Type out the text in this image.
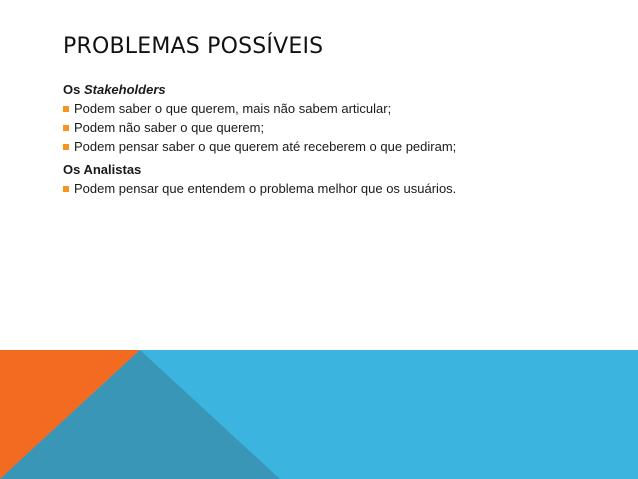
PROBLEMAS POSSÍVEIS
Os Stakeholders
Podem saber o que querem, mais não sabem articular;
Podem não saber o que querem;
Podem pensar saber o que querem até receberem o que pediram;
Os Analistas
Podem pensar que entendem o problema melhor que os usuários.
